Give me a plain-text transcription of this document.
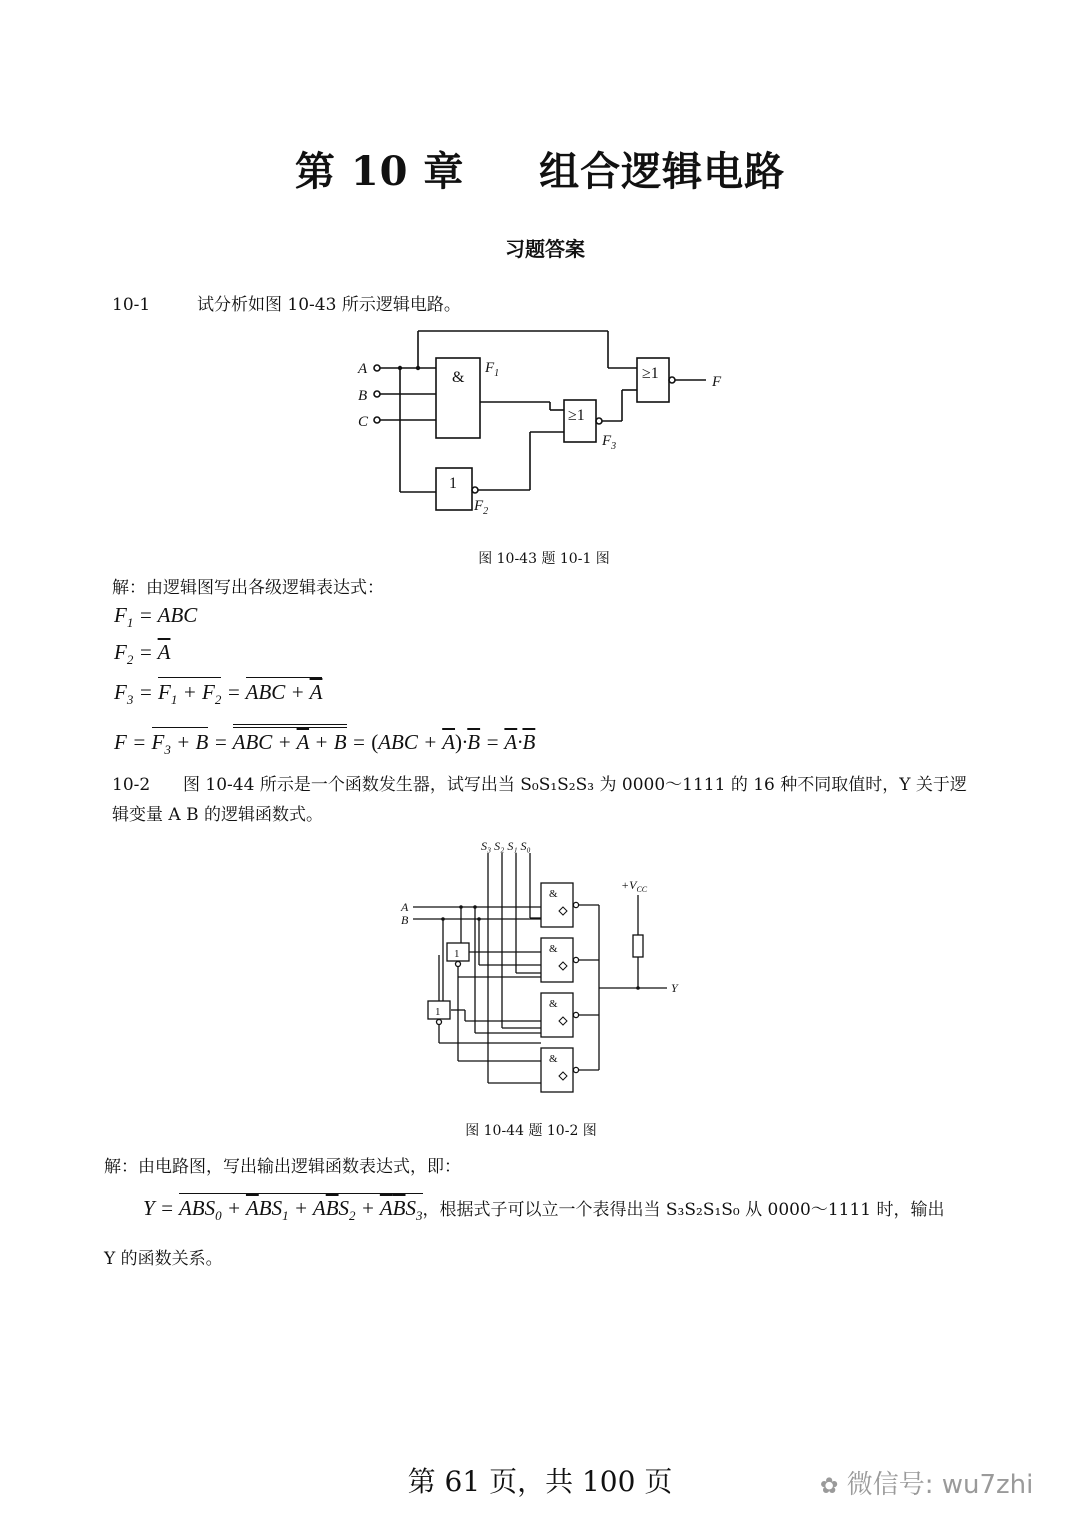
第 10 章     组合逻辑电路
习题答案
10-1	试分析如图 10-43 所示逻辑电路。
A
B
C
$F_1$
$F_2$
$F_3$
F
&
≥1
≥1
1
图 10-43 题 10-1 图
解：由逻辑图写出各级逻辑表达式：
$F_1$ = ABC
$F_2 = \overline{A}$
$F_3 = F_1 + F_2$ = ABC + $\overline{A}$
$F = F_3 + B$ = ABC + $\overline{A} + B = (ABC + \overline{A})\cdot\overline{B} = \overline{A}\cdot\overline{B}$
10-2 图 10-44 所示是一个函数发生器，试写出当 S₀S₁S₂S₃ 为 0000～1111 的 16 种不同取值时，Y 关于逻辑变量 A B 的逻辑函数式。
S₃ S₂ S₁ S₀
&
&
&
&
1
1
A
B
$+V_{CC}$
Y
图 10-44 题 10-2 图
解：由电路图，写出输出逻辑函数表达式，即：
$Y = ABS_0 + \overline{A}BS_1 + A\overline{B}S_2 + \overline{A}\overline{B}S_3$，根据式子可以立一个表得出当 S₃S₂S₁S₀ 从 0000～1111 时，输出
Y 的函数关系。
第 61 页，共 100 页	✿ 微信号: wu7zhi
